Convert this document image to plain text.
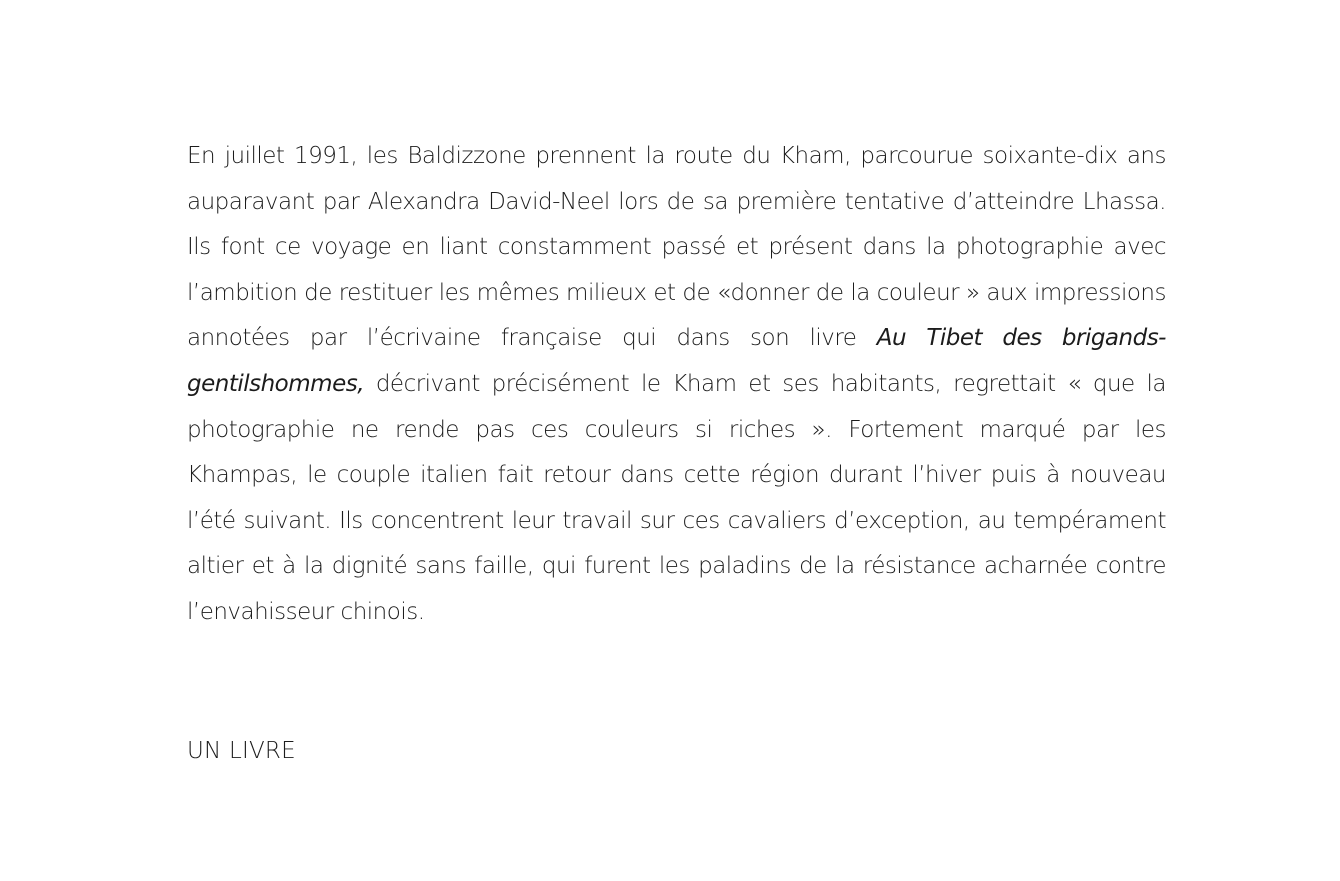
En juillet 1991, les Baldizzone prennent la route du Kham, parcourue soixante-dix ans auparavant par Alexandra David-Neel lors de sa première tentative d’atteindre Lhassa. Ils font ce voyage en liant constamment passé et présent dans la photographie avec l’ambition de restituer les mêmes milieux et de «donner de la couleur » aux impressions annotées par l’écrivaine française qui dans son livre Au Tibet des brigands-gentilshommes, décrivant précisément le Kham et ses habitants, regrettait « que la photographie ne rende pas ces couleurs si riches ». Fortement marqué par les Khampas, le couple italien fait retour dans cette région durant l’hiver puis à nouveau l’été suivant. Ils concentrent leur travail sur ces cavaliers d’exception, au tempérament altier et à la dignité sans faille, qui furent les paladins de la résistance acharnée contre l’envahisseur chinois.

UN LIVRE
